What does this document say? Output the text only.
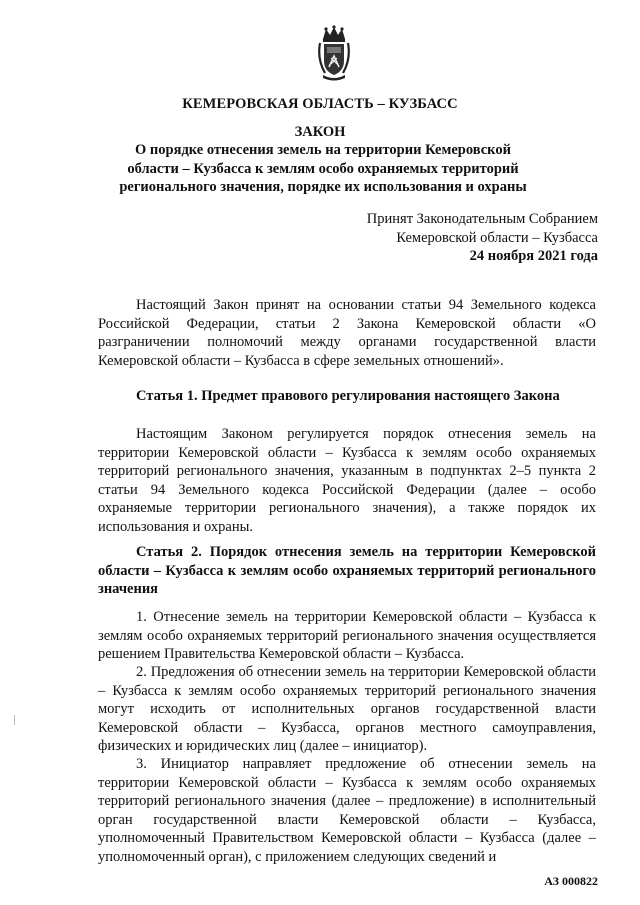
КЕМЕРОВСКАЯ ОБЛАСТЬ – КУЗБАСС
ЗАКОН
О порядке отнесения земель на территории Кемеровской области – Кузбасса к землям особо охраняемых территорий регионального значения, порядке их использования и охраны
Принят Законодательным Собранием
Кемеровской области – Кузбасса
24 ноября 2021 года

Настоящий Закон принят на основании статьи 94 Земельного кодекса Российской Федерации, статьи 2 Закона Кемеровской области «О разграничении полномочий между органами государственной власти Кемеровской области – Кузбасса в сфере земельных отношений».

Статья 1. Предмет правового регулирования настоящего Закона

Настоящим Законом регулируется порядок отнесения земель на территории Кемеровской области – Кузбасса к землям особо охраняемых территорий регионального значения, указанным в подпунктах 2–5 пункта 2 статьи 94 Земельного кодекса Российской Федерации (далее – особо охраняемые территории регионального значения), а также порядок их использования и охраны.

Статья 2. Порядок отнесения земель на территории Кемеровской области – Кузбасса к землям особо охраняемых территорий регионального значения

1. Отнесение земель на территории Кемеровской области – Кузбасса к землям особо охраняемых территорий регионального значения осуществляется решением Правительства Кемеровской области – Кузбасса.

2. Предложения об отнесении земель на территории Кемеровской области – Кузбасса к землям особо охраняемых территорий регионального значения могут исходить от исполнительных органов государственной власти Кемеровской области – Кузбасса, органов местного самоуправления, физических и юридических лиц (далее – инициатор).

3. Инициатор направляет предложение об отнесении земель на территории Кемеровской области – Кузбасса к землям особо охраняемых территорий регионального значения (далее – предложение) в исполнительный орган государственной власти Кемеровской области – Кузбасса, уполномоченный Правительством Кемеровской области – Кузбасса (далее – уполномоченный орган), с приложением следующих сведений и

АЗ 000822
